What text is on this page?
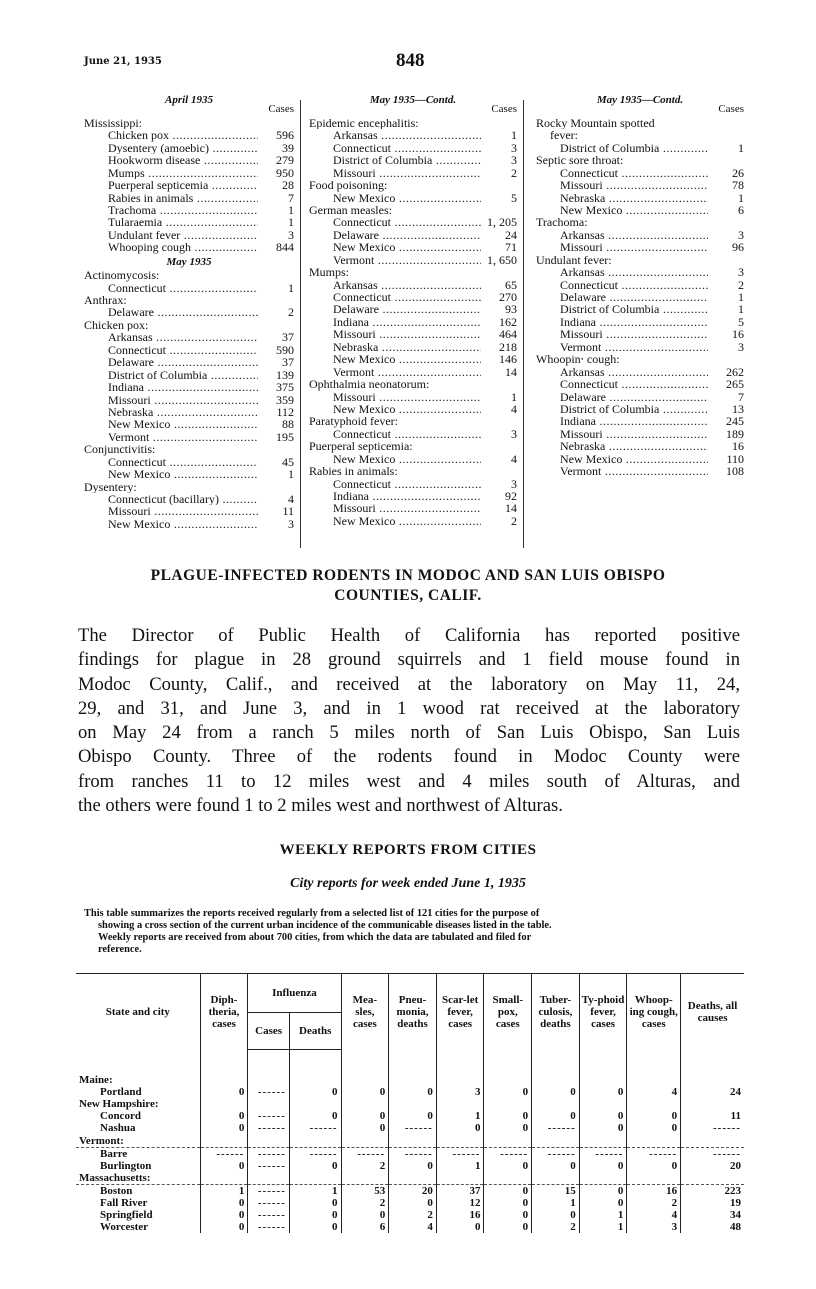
June 21, 1935	848
April 1935
Cases
Mississippi:
Chicken pox .....	596
Dysentery (amoebic) .....	39
Hookworm disease .....	279
Mumps .....	950
Puerperal septicemia .....	28
Rabies in animals .....	7
Trachoma .....	1
Tularaemia .....	1
Undulant fever .....	3
Whooping cough .....	844
May 1935
Actinomycosis:
Connecticut .....	1
Anthrax:
Delaware .....	2
Chicken pox:
Arkansas .....	37
Connecticut .....	590
Delaware .....	37
District of Columbia .....	139
Indiana .....	375
Missouri .....	359
Nebraska .....	112
New Mexico .....	88
Vermont .....	195
Conjunctivitis:
Connecticut .....	45
New Mexico .....	1
Dysentery:
Connecticut (bacillary) .....	4
Missouri .....	11
New Mexico .....	3
May 1935—Contd.
Cases
Epidemic encephalitis:
Arkansas .....	1
Connecticut .....	3
District of Columbia .....	3
Missouri .....	2
Food poisoning:
New Mexico .....	5
German measles:
Connecticut .....	1, 205
Delaware .....	24
New Mexico .....	71
Vermont .....	1, 650
Mumps:
Arkansas .....	65
Connecticut .....	270
Delaware .....	93
Indiana .....	162
Missouri .....	464
Nebraska .....	218
New Mexico .....	146
Vermont .....	14
Ophthalmia neonatorum:
Missouri .....	1
New Mexico .....	4
Paratyphoid fever:
Connecticut .....	3
Puerperal septicemia:
New Mexico .....	4
Rabies in animals:
Connecticut .....	3
Indiana .....	92
Missouri .....	14
New Mexico .....	2
May 1935—Contd.
Cases
Rocky Mountain spotted
fever:
District of Columbia .....	1
Septic sore throat:
Connecticut .....	26
Missouri .....	78
Nebraska .....	1
New Mexico .....	6
Trachoma:
Arkansas .....	3
Missouri .....	96
Undulant fever:
Arkansas .....	3
Connecticut .....	2
Delaware .....	1
District of Columbia .....	1
Indiana .....	5
Missouri .....	16
Vermont .....	3
Whoopin⸱ cough:
Arkansas .....	262
Connecticut .....	265
Delaware .....	7
District of Columbia .....	13
Indiana .....	245
Missouri .....	189
Nebraska .....	16
New Mexico .....	110
Vermont .....	108
PLAGUE-INFECTED RODENTS IN MODOC AND SAN LUIS OBISPO
COUNTIES, CALIF.
The Director of Public Health of California has reported positive
findings for plague in 28 ground squirrels and 1 field mouse found in
Modoc County, Calif., and received at the laboratory on May 11, 24,
29, and 31, and June 3, and in 1 wood rat received at the laboratory
on May 24 from a ranch 5 miles north of San Luis Obispo, San Luis
Obispo County. Three of the rodents found in Modoc County were
from ranches 11 to 12 miles west and 4 miles south of Alturas, and
the others were found 1 to 2 miles west and northwest of Alturas.
WEEKLY REPORTS FROM CITIES
City reports for week ended June 1, 1935
This table summarizes the reports received regularly from a selected list of 121 cities for the purpose of
showing a cross section of the current urban incidence of the communicable diseases listed in the table.
Weekly reports are received from about 700 cities, from which the data are tabulated and filed for
reference.
State and city	Diph-theria, cases	Influenza		Mea-sles, cases	Pneu-monia, deaths	Scar-let fever, cases	Small-pox, cases	Tuber-culosis, deaths	Ty-phoid fever, cases	Whoop-ing cough, cases	Deaths, all causes
		Cases	Deaths								

Maine:											
Portland	0	------	0	0	0	3	0	0	0	4	24
New Hampshire:											
Concord	0	------	0	0	0	1	0	0	0	0	11
Nashua	0	------	------	0	------	0	0	------	0	0	------
Vermont:											
Barre	------	------	------	------	------	------	------	------	------	------	------
Burlington	0	------	0	2	0	1	0	0	0	0	20
Massachusetts:											
Boston	1	------	1	53	20	37	0	15	0	16	223
Fall River	0	------	0	2	0	12	0	1	0	2	19
Springfield	0	------	0	0	2	16	0	0	1	4	34
Worcester	0	------	0	6	4	0	0	2	1	3	48
